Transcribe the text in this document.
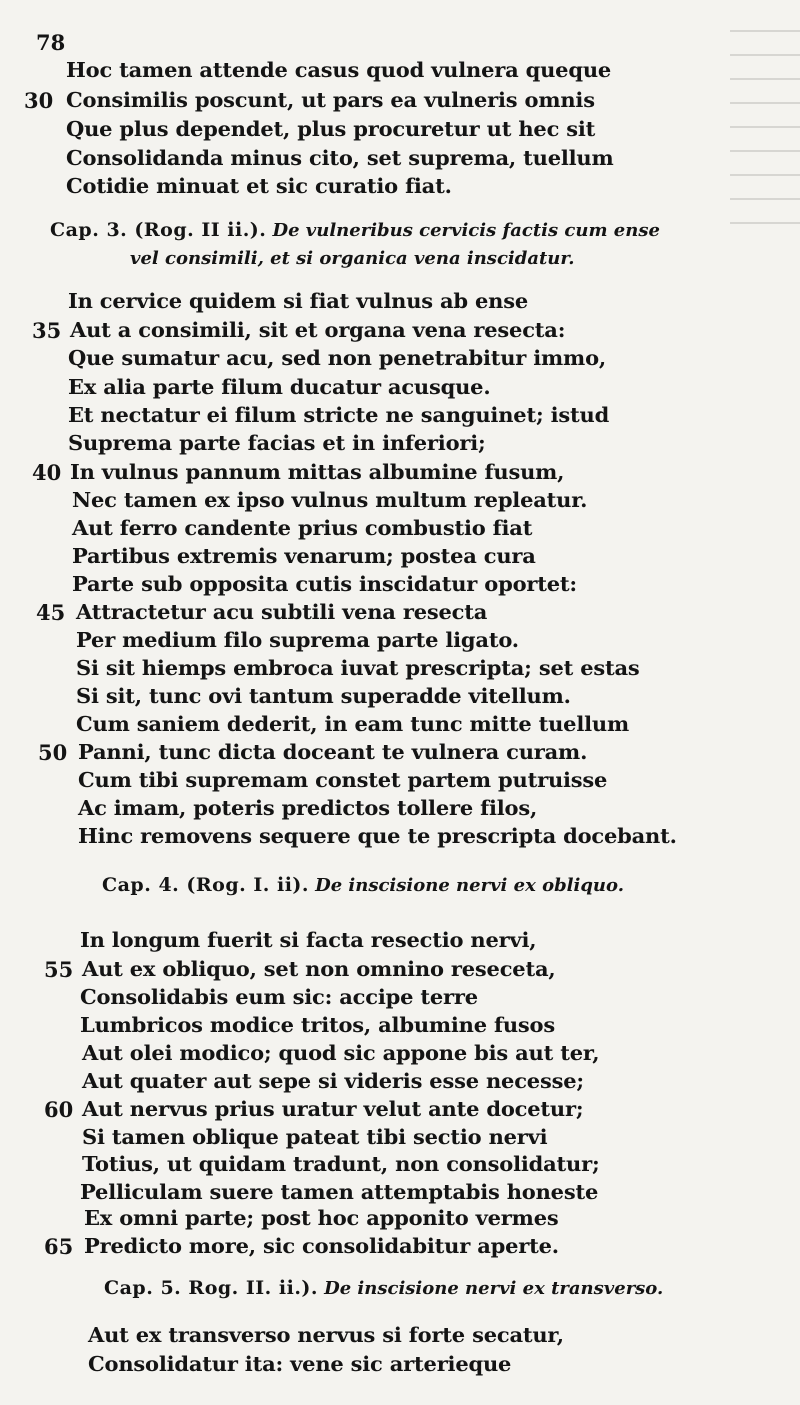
78
Hoc tamen attende casus quod vulnera queque
30 Consimilis poscunt, ut pars ea vulneris omnis
Que plus dependet, plus procuretur ut hec sit
Consolidanda minus cito, set suprema, tuellum
Cotidie minuat et sic curatio fiat.
Cap. 3. (Rog. II ii.). De vulneribus cervicis factis cum ense
vel consimili, et si organica vena inscidatur.
In cervice quidem si fiat vulnus ab ense
35 Aut a consimili, sit et organa vena resecta:
Que sumatur acu, sed non penetrabitur immo,
Ex alia parte filum ducatur acusque.
Et nectatur ei filum stricte ne sanguinet; istud
Suprema parte facias et in inferiori;
40 In vulnus pannum mittas albumine fusum,
Nec tamen ex ipso vulnus multum repleatur.
Aut ferro candente prius combustio fiat
Partibus extremis venarum; postea cura
Parte sub opposita cutis inscidatur oportet:
45 Attractetur acu subtili vena resecta
Per medium filo suprema parte ligato.
Si sit hiemps embroca iuvat prescripta; set estas
Si sit, tunc ovi tantum superadde vitellum.
Cum saniem dederit, in eam tunc mitte tuellum
50 Panni, tunc dicta doceant te vulnera curam.
Cum tibi supremam constet partem putruisse
Ac imam, poteris predictos tollere filos,
Hinc removens sequere que te prescripta docebant.
Cap. 4. (Rog. I. ii). De inscisione nervi ex obliquo.
In longum fuerit si facta resectio nervi,
55 Aut ex obliquo, set non omnino reseceta,
Consolidabis eum sic: accipe terre
Lumbricos modice tritos, albumine fusos
Aut olei modico; quod sic appone bis aut ter,
Aut quater aut sepe si videris esse necesse;
60 Aut nervus prius uratur velut ante docetur;
Si tamen oblique pateat tibi sectio nervi
Totius, ut quidam tradunt, non consolidatur;
Pelliculam suere tamen attemptabis honeste
Ex omni parte; post hoc apponito vermes
65 Predicto more, sic consolidabitur aperte.
Cap. 5. Rog. II. ii.). De inscisione nervi ex transverso.
Aut ex transverso nervus si forte secatur,
Consolidatur ita: vene sic arterieque
